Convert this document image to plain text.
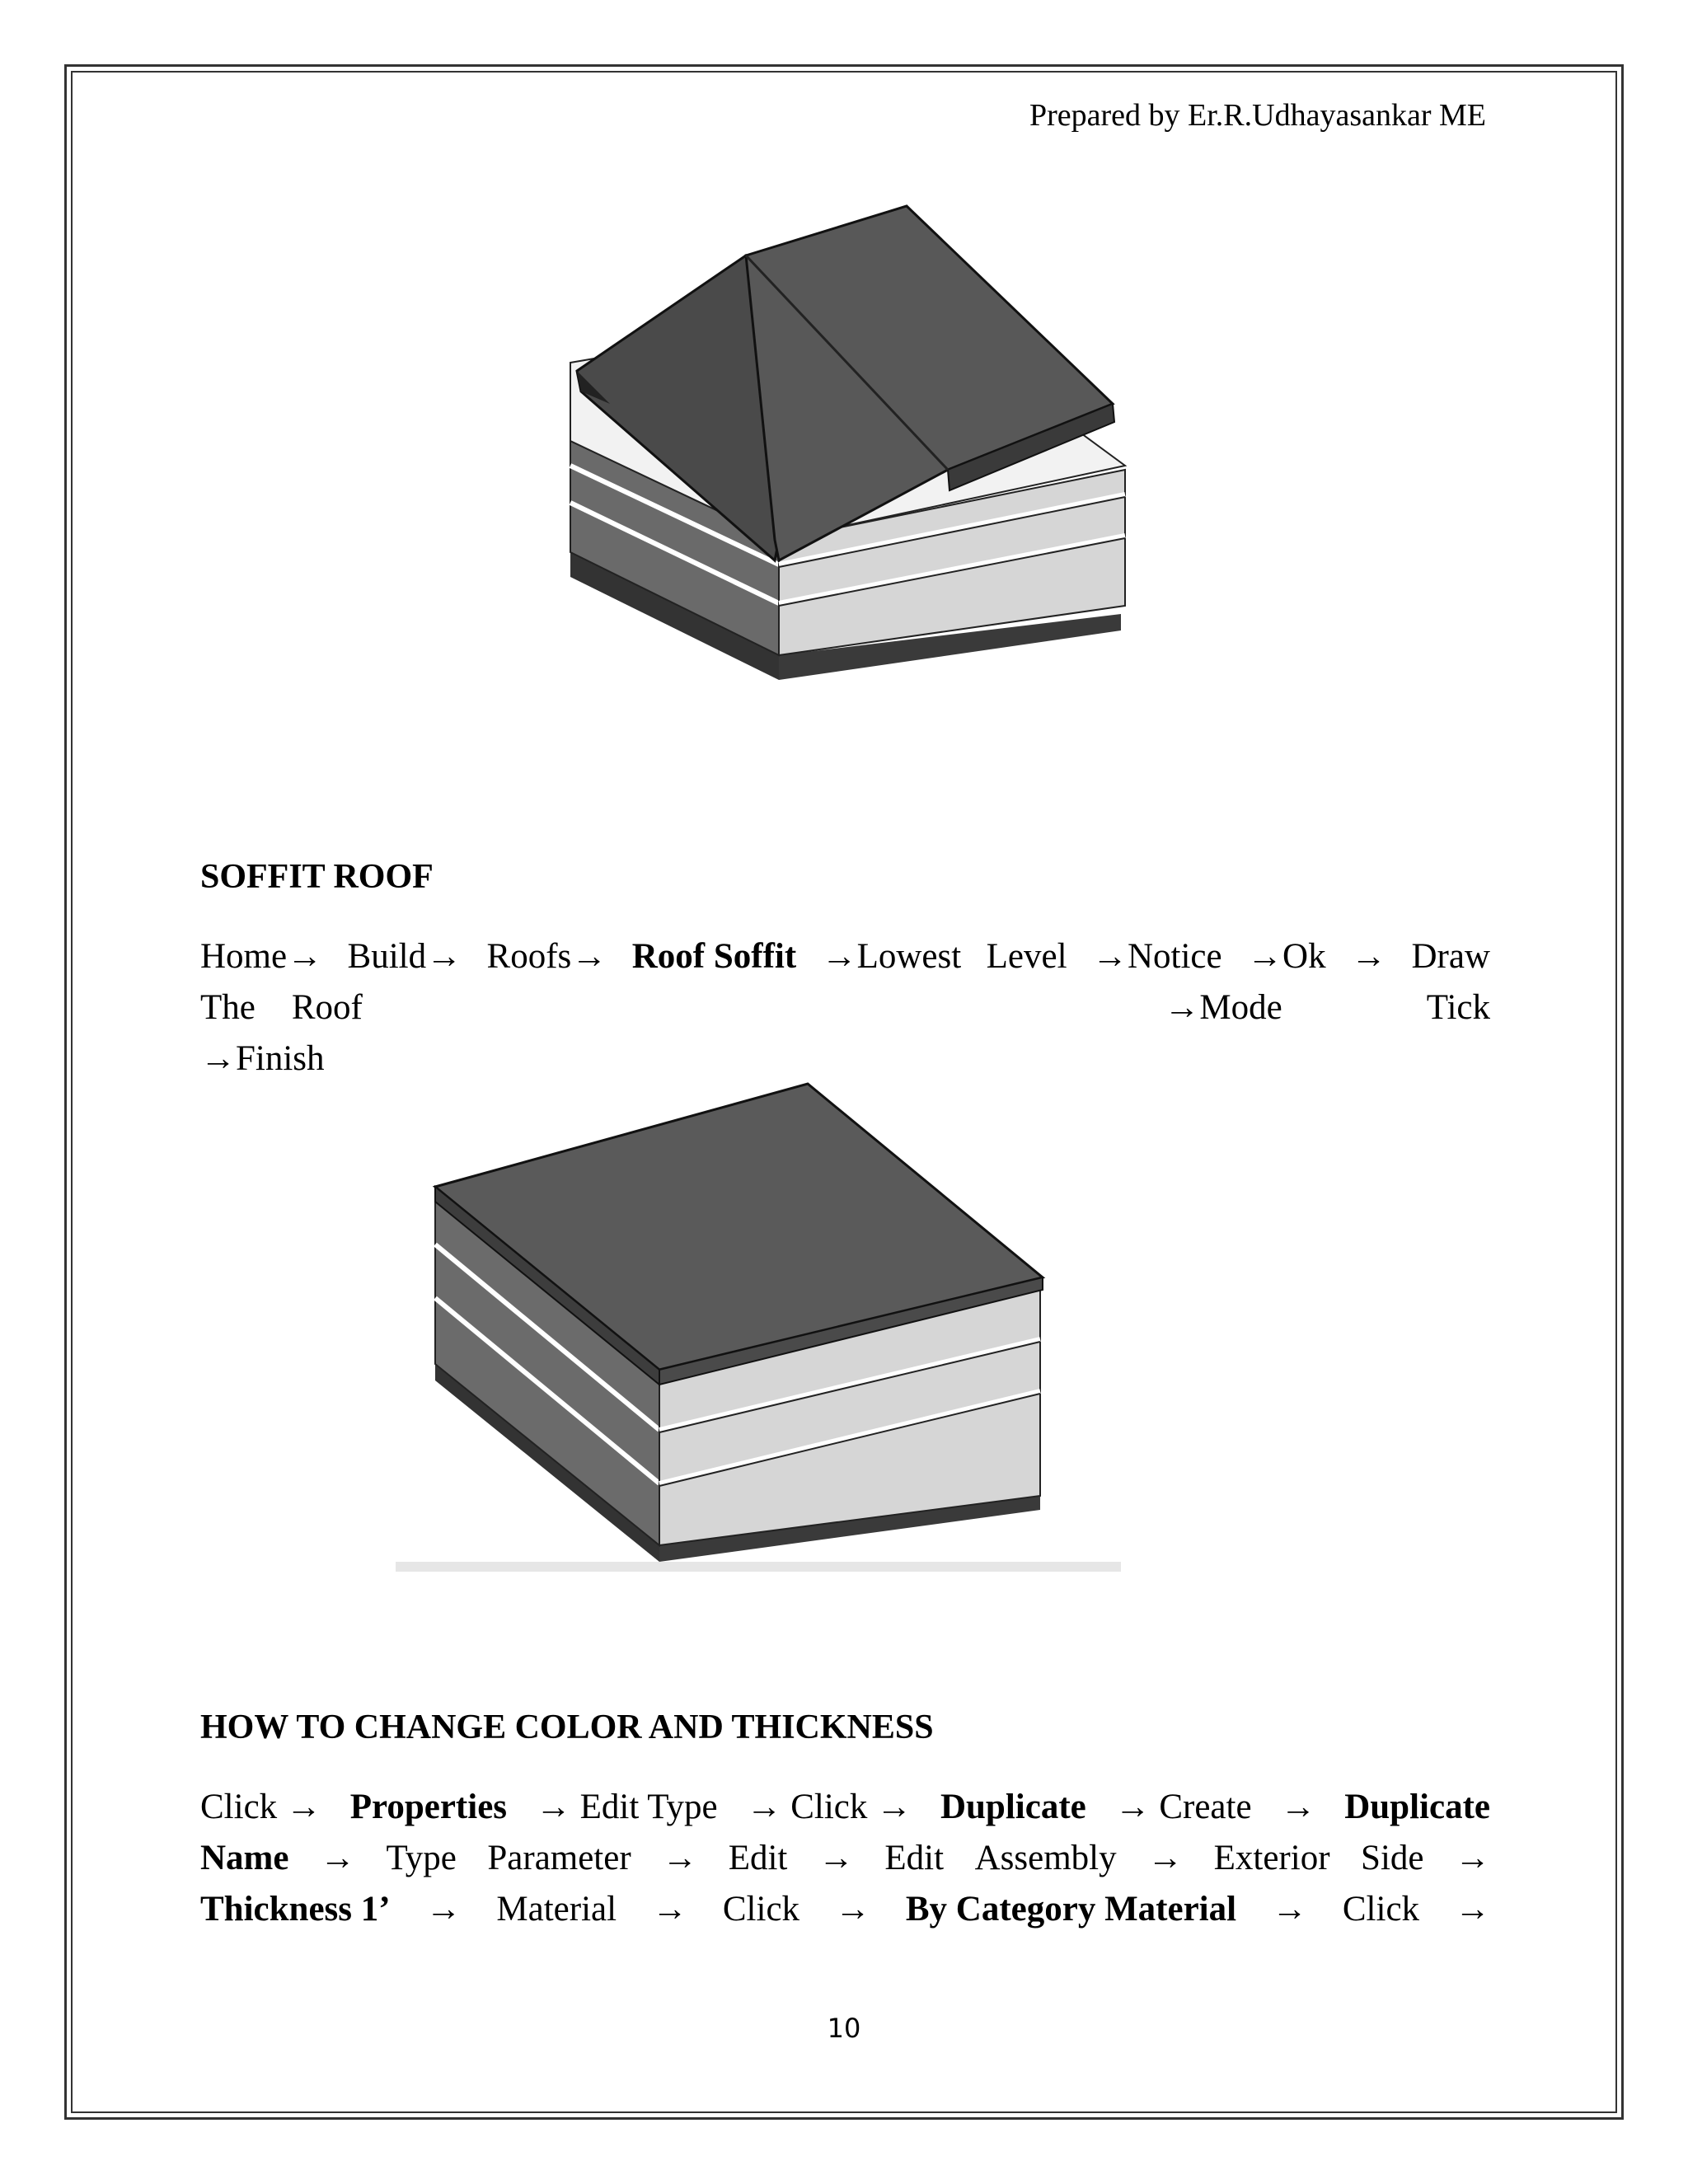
Prepared by Er.R.Udhayasankar ME
SOFFIT ROOF
Home→ Build→ Roofs→ Roof Soffit →Lowest Level →Notice →Ok → Draw
The Roof	→Mode	Tick
→Finish
HOW TO CHANGE COLOR AND THICKNESS
Click → Properties → Edit Type → Click → Duplicate → Create → Duplicate
Name → Type Parameter → Edit → Edit Assembly → Exterior Side →
Thickness 1’ → Material → Click → By Category Material → Click →
10
